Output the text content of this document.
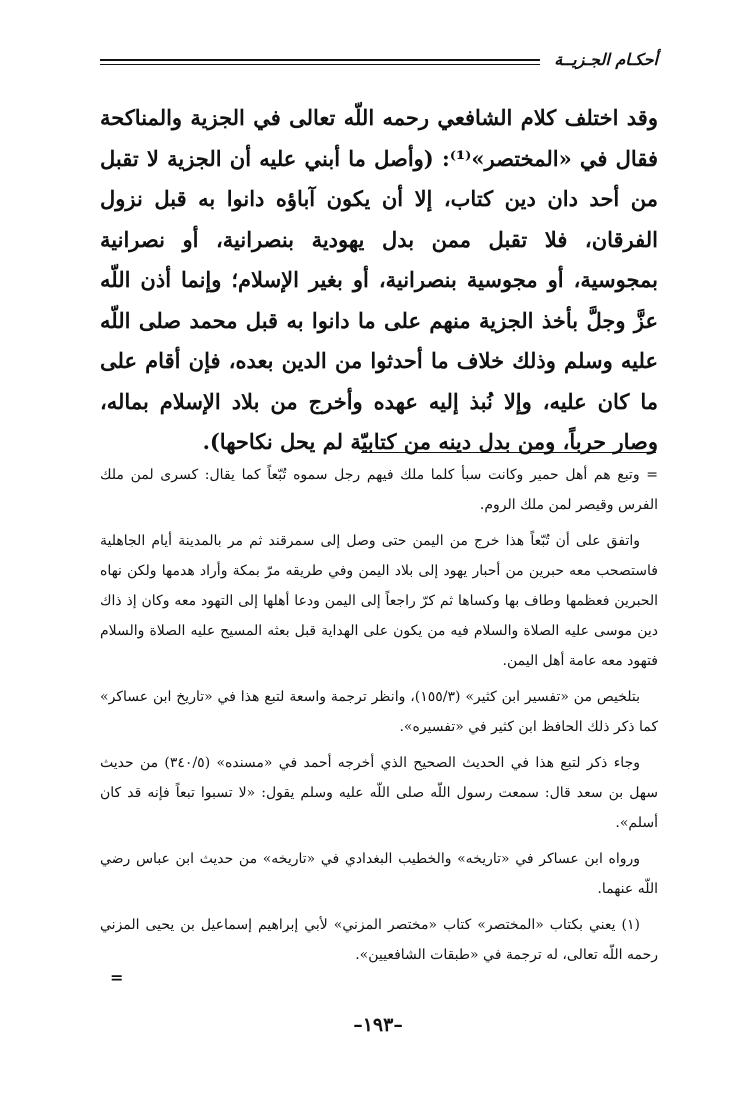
أحكـام الجـزيــة

وقد اختلف كلام الشافعي رحمه اللّه تعالى في الجزية والمناكحة فقال في «المختصر»⁽¹⁾: (وأصل ما أبني عليه أن الجزية لا تقبل من أحد دان دين كتاب، إلا أن يكون آباؤه دانوا به قبل نزول الفرقان، فلا تقبل ممن بدل يهودية بنصرانية، أو نصرانية بمجوسية، أو مجوسية بنصرانية، أو بغير الإسلام؛ وإنما أذن اللّه عزَّ وجلَّ بأخذ الجزية منهم على ما دانوا به قبل محمد صلى اللّه عليه وسلم وذلك خلاف ما أحدثوا من الدين بعده، فإن أقام على ما كان عليه، وإلا نُبذ إليه عهده وأخرج من بلاد الإسلام بماله، وصار حرباً، ومن بدل دينه من كتابيّة لم يحل نكاحها).

= وتبع هم أهل حمير وكانت سبأ كلما ملك فيهم رجل سموه تُبّعاً كما يقال: كسرى لمن ملك الفرس وقيصر لمن ملك الروم.

واتفق على أن تُبّعاً هذا خرج من اليمن حتى وصل إلى سمرقند ثم مر بالمدينة أيام الجاهلية فاستصحب معه حبرين من أحبار يهود إلى بلاد اليمن وفي طريقه مرّ بمكة وأراد هدمها ولكن نهاه الحبرين فعظمها وطاف بها وكساها ثم كرّ راجعاً إلى اليمن ودعا أهلها إلى التهود معه وكان إذ ذاك دين موسى عليه الصلاة والسلام فيه من يكون على الهداية قبل بعثه المسيح عليه الصلاة والسلام فتهود معه عامة أهل اليمن.

بتلخيص من «تفسير ابن كثير» (١٥٥/٣)، وانظر ترجمة واسعة لتبع هذا في «تاريخ ابن عساكر» كما ذكر ذلك الحافظ ابن كثير في «تفسيره».

وجاء ذكر لتبع هذا في الحديث الصحيح الذي أخرجه أحمد في «مسنده» (٣٤٠/٥) من حديث سهل بن سعد قال: سمعت رسول اللّه صلى اللّه عليه وسلم يقول: «لا تسبوا تبعاً فإنه قد كان أسلم».

ورواه ابن عساكر في «تاريخه» والخطيب البغدادي في «تاريخه» من حديث ابن عباس رضي اللّه عنهما.

(١) يعني بكتاب «المختصر» كتاب «مختصر المزني» لأبي إبراهيم إسماعيل بن يحيى المزني رحمه اللّه تعالى، له ترجمة في «طبقات الشافعيين».

=
–١٩٣–
